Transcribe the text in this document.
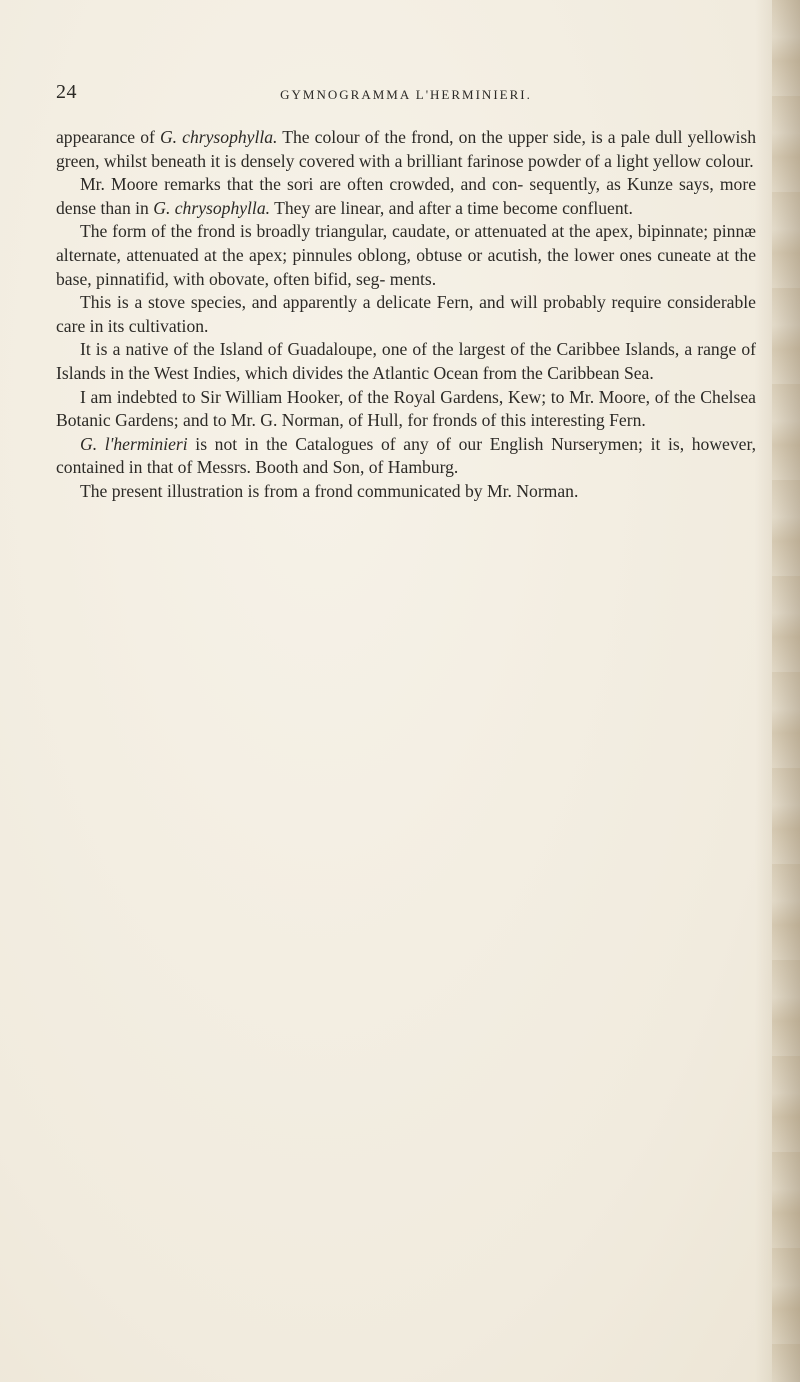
24	GYMNOGRAMMA L'HERMINIERI.

appearance of G. chrysophylla. The colour of the frond, on the upper side, is a pale dull yellowish green, whilst beneath it is densely covered with a brilliant farinose powder of a light yellow colour.

Mr. Moore remarks that the sori are often crowded, and con- sequently, as Kunze says, more dense than in G. chrysophylla. They are linear, and after a time become confluent.

The form of the frond is broadly triangular, caudate, or attenuated at the apex, bipinnate; pinnæ alternate, attenuated at the apex; pinnules oblong, obtuse or acutish, the lower ones cuneate at the base, pinnatifid, with obovate, often bifid, seg- ments.

This is a stove species, and apparently a delicate Fern, and will probably require considerable care in its cultivation.

It is a native of the Island of Guadaloupe, one of the largest of the Caribbee Islands, a range of Islands in the West Indies, which divides the Atlantic Ocean from the Caribbean Sea.

I am indebted to Sir William Hooker, of the Royal Gardens, Kew; to Mr. Moore, of the Chelsea Botanic Gardens; and to Mr. G. Norman, of Hull, for fronds of this interesting Fern.

G. l'herminieri is not in the Catalogues of any of our English Nurserymen; it is, however, contained in that of Messrs. Booth and Son, of Hamburg.

The present illustration is from a frond communicated by Mr. Norman.
